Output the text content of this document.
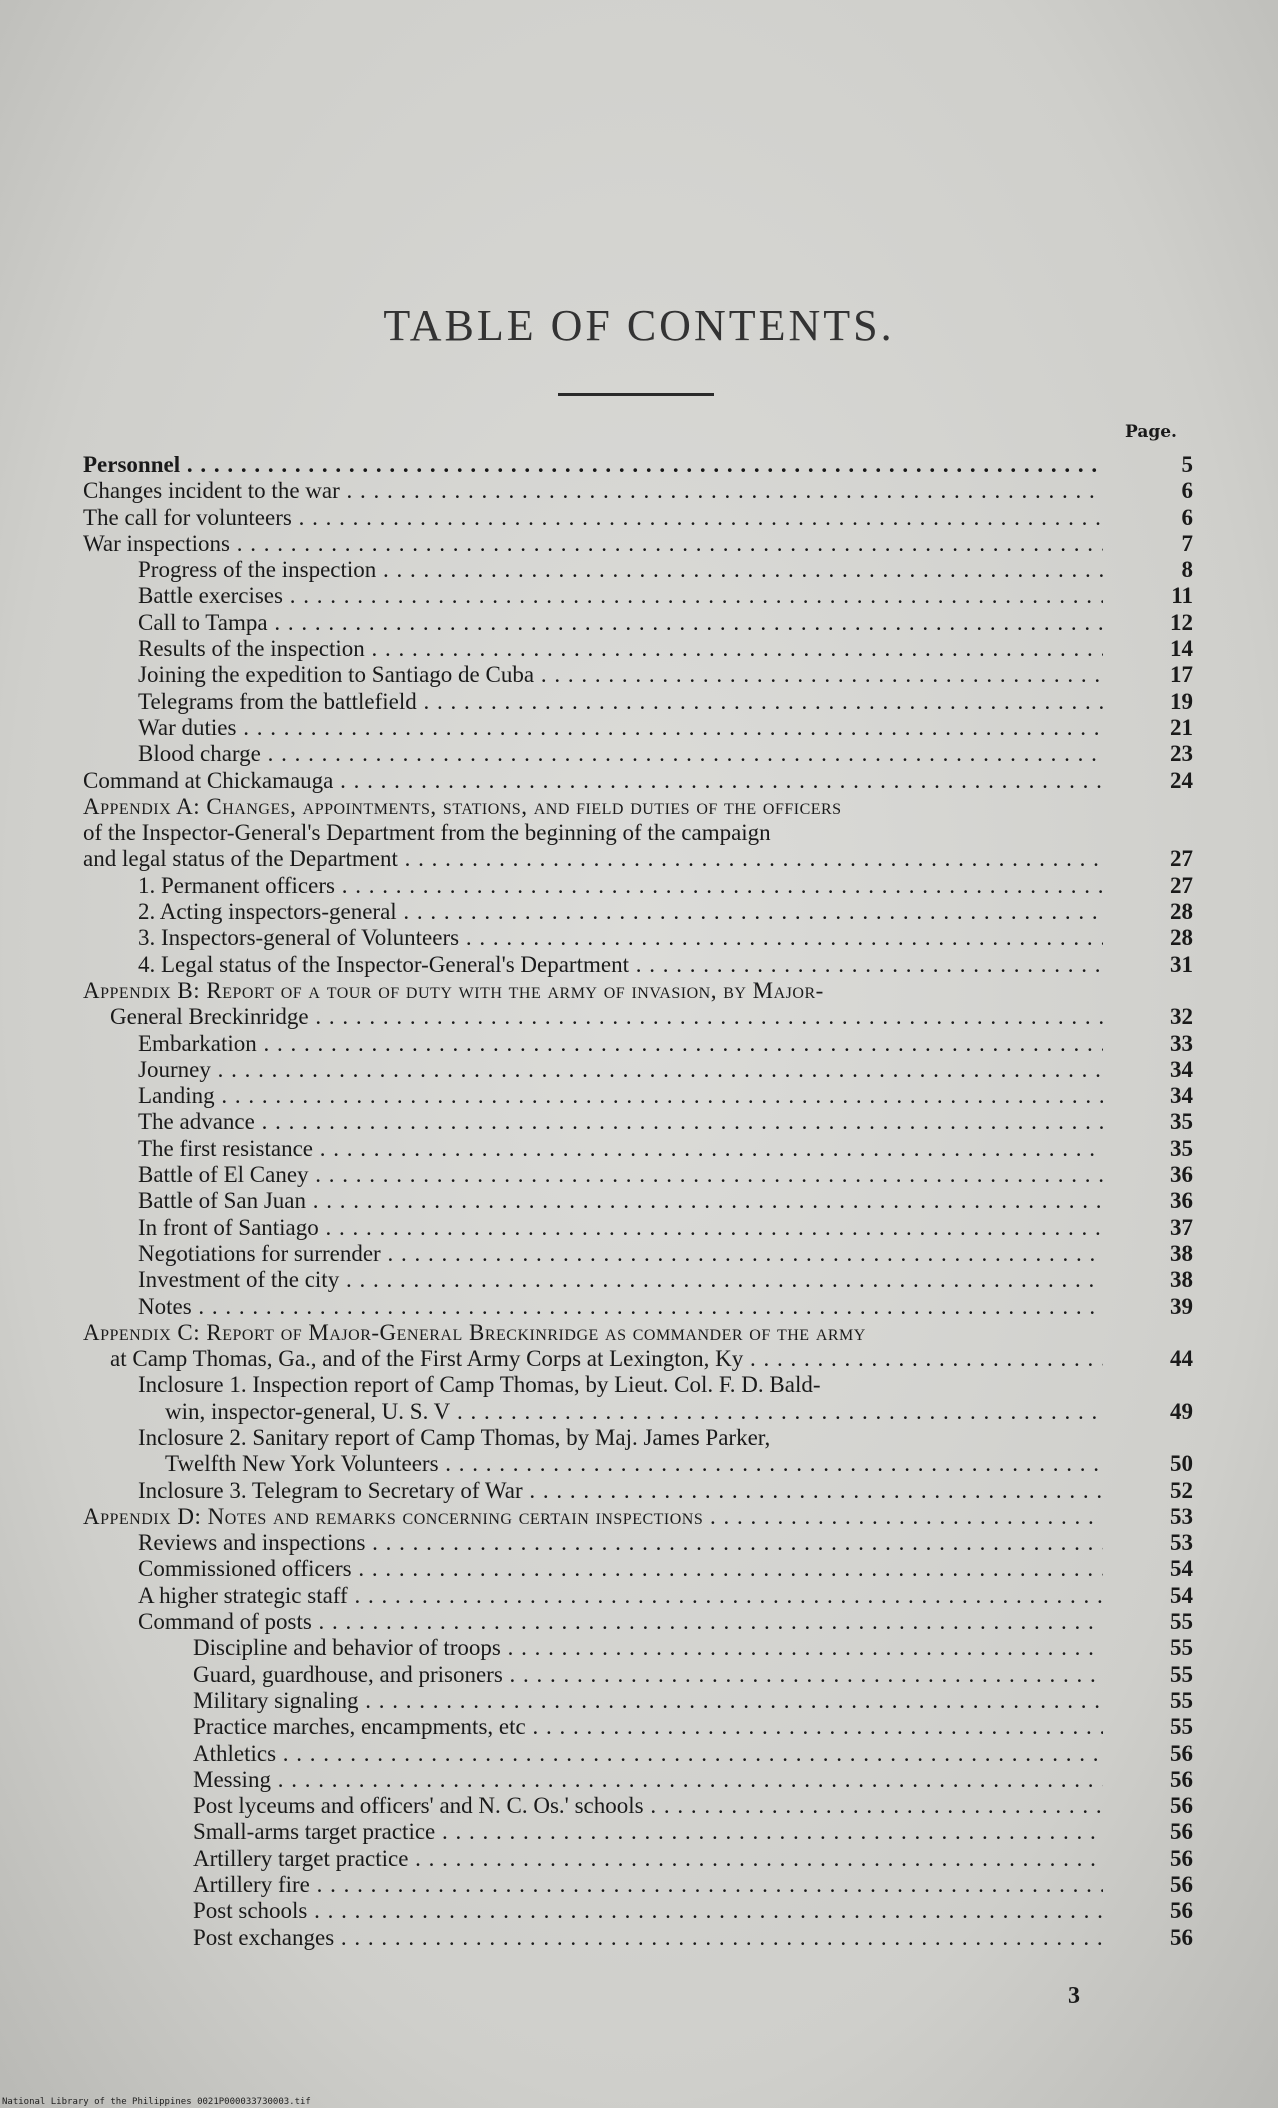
TABLE OF CONTENTS.
Page.
Personnel . . .	5
Changes incident to the war . . .	6
The call for volunteers . . .	6
War inspections . . .	7
Progress of the inspection . . .	8
Battle exercises . . .	11
Call to Tampa . . .	12
Results of the inspection . . .	14
Joining the expedition to Santiago de Cuba . . .	17
Telegrams from the battlefield . . .	19
War duties . . .	21
Blood charge . . .	23
Command at Chickamauga . . .	24
Appendix A: Changes, appointments, stations, and field duties of the officers
of the Inspector-General's Department from the beginning of the campaign
and legal status of the Department . . .	27
1. Permanent officers . . .	27
2. Acting inspectors-general . . .	28
3. Inspectors-general of Volunteers . . .	28
4. Legal status of the Inspector-General's Department . . .	31
Appendix B: Report of a tour of duty with the army of invasion, by Major-
General Breckinridge . . .	32
Embarkation . . .	33
Journey . . .	34
Landing . . .	34
The advance . . .	35
The first resistance . . .	35
Battle of El Caney . . .	36
Battle of San Juan . . .	36
In front of Santiago . . .	37
Negotiations for surrender . . .	38
Investment of the city . . .	38
Notes . . .	39
Appendix C: Report of Major-General Breckinridge as commander of the army
at Camp Thomas, Ga., and of the First Army Corps at Lexington, Ky . . .	44
Inclosure 1. Inspection report of Camp Thomas, by Lieut. Col. F. D. Bald-
win, inspector-general, U. S. V . . .	49
Inclosure 2. Sanitary report of Camp Thomas, by Maj. James Parker,
Twelfth New York Volunteers . . .	50
Inclosure 3. Telegram to Secretary of War . . .	52
Appendix D: Notes and remarks concerning certain inspections . . .	53
Reviews and inspections . . .	53
Commissioned officers . . .	54
A higher strategic staff . . .	54
Command of posts . . .	55
Discipline and behavior of troops . . .	55
Guard, guardhouse, and prisoners . . .	55
Military signaling . . .	55
Practice marches, encampments, etc . . .	55
Athletics . . .	56
Messing . . .	56
Post lyceums and officers' and N. C. Os.' schools . . .	56
Small-arms target practice . . .	56
Artillery target practice . . .	56
Artillery fire . . .	56
Post schools . . .	56
Post exchanges . . .	56
3
National Library of the Philippines 0021P000033730003.tif
